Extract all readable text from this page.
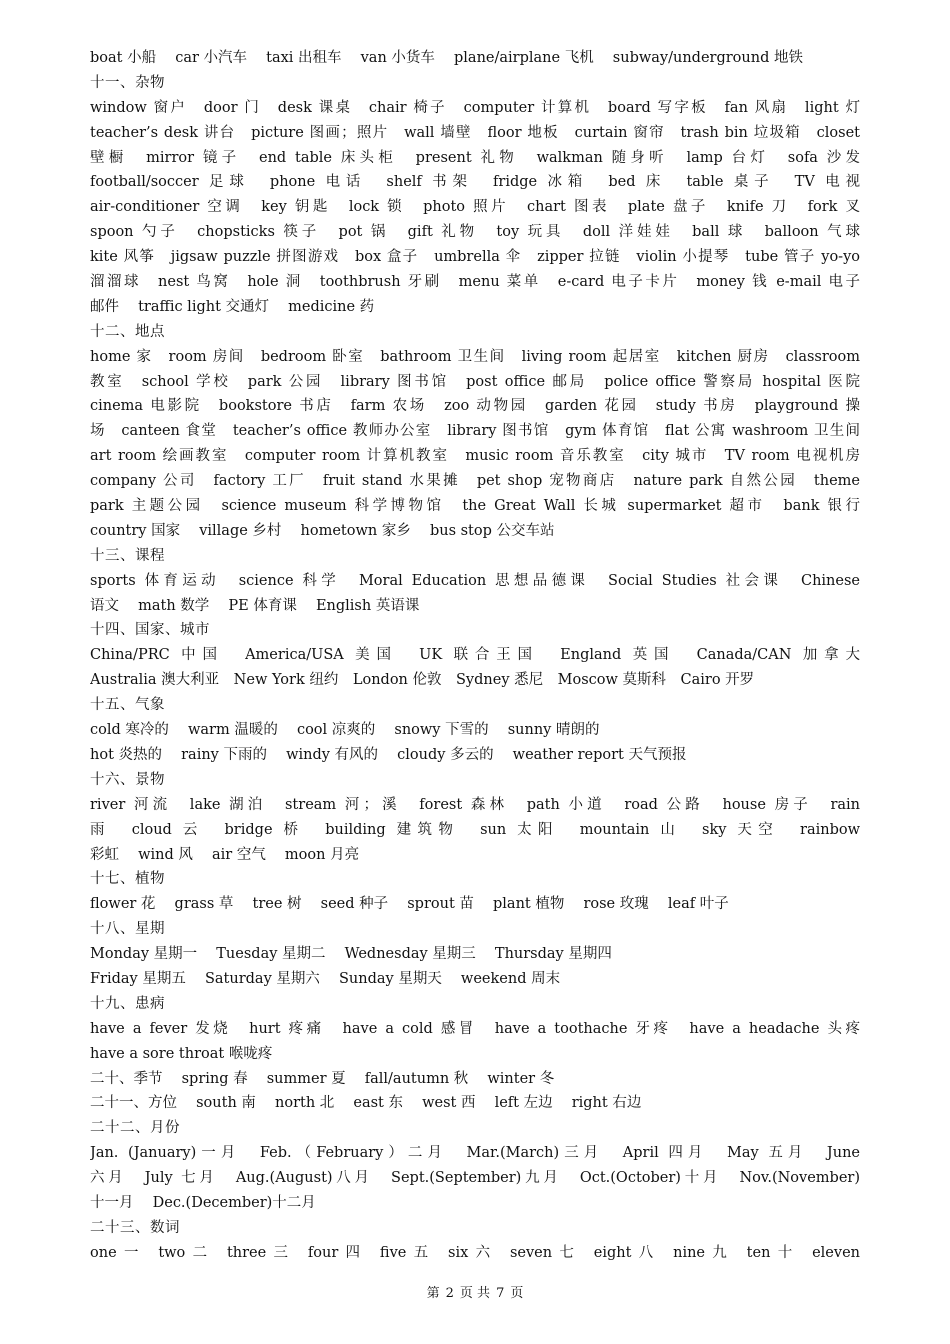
boat 小船　 car 小汽车　 taxi 出租车　 van 小货车　 plane/airplane 飞机　 subway/underground 地铁
十一、杂物
window 窗户　door 门　desk 课桌　chair 椅子　computer 计算机　board 写字板　fan 风扇　light 灯
teacher’s desk 讲台　picture 图画；照片　wall 墙壁　floor 地板　curtain 窗帘　trash bin 垃圾箱　closet
壁橱　mirror 镜子　end table 床头柜　present 礼物　walkman 随身听　lamp 台灯　sofa 沙发
football/soccer 足球　phone 电话　shelf 书架　fridge 冰箱　bed 床　table 桌子　TV 电视
air-conditioner 空调　key 钥匙　lock 锁　photo 照片　chart 图表　plate 盘子　knife 刀　fork 叉
spoon 勺子　chopsticks 筷子　pot 锅　gift 礼物　toy 玩具　doll 洋娃娃　ball 球　balloon 气球
kite 风筝　jigsaw puzzle 拼图游戏　box 盒子　umbrella 伞　zipper 拉链　violin 小提琴　tube 管子 yo-yo
溜溜球　nest 鸟窝　hole 洞　toothbrush 牙刷　menu 菜单　e-card 电子卡片　money 钱 e-mail 电子
邮件　 traffic light 交通灯　 medicine 药
十二、地点
home 家　room 房间　bedroom 卧室　bathroom 卫生间　living room 起居室　kitchen 厨房　classroom
教室　school 学校　park 公园　library 图书馆　post office 邮局　police office 警察局 hospital 医院
cinema 电影院　bookstore 书店　farm 农场　zoo 动物园　garden 花园　study 书房　playground 操
场　canteen 食堂　teacher’s office 教师办公室　library 图书馆　gym 体育馆　flat 公寓 washroom 卫生间
art room 绘画教室　computer room 计算机教室　music room 音乐教室　city 城市　TV room 电视机房
company 公司　factory 工厂　fruit stand 水果摊　pet shop 宠物商店　nature park 自然公园　theme
park 主题公园　science museum 科学博物馆　the Great Wall 长城 supermarket 超市　bank 银行
country 国家　 village 乡村　 hometown 家乡　 bus stop 公交车站
十三、课程
sports 体育运动　science 科学　Moral Education 思想品德课　Social Studies 社会课　Chinese
语文　 math 数学　 PE 体育课　 English 英语课
十四、国家、城市
China/PRC 中国　America/USA 美国　UK 联合王国　England 英国　Canada/CAN 加拿大
Australia 澳大利亚　New York 纽约　London 伦敦　Sydney 悉尼　Moscow 莫斯科　Cairo 开罗
十五、气象
cold 寒冷的　 warm 温暖的　 cool 凉爽的　 snowy 下雪的　 sunny 晴朗的
hot 炎热的　 rainy 下雨的　 windy 有风的　 cloudy 多云的　 weather report 天气预报
十六、景物
river 河流　lake 湖泊　stream 河；溪　forest 森林　path 小道　road 公路　house 房子　rain
雨　cloud 云　bridge 桥　building 建筑物　sun 太阳　mountain 山　sky 天空　rainbow
彩虹　 wind 风　 air 空气　 moon 月亮
十七、植物
flower 花　 grass 草　 tree 树　 seed 种子　 sprout 苗　 plant 植物　 rose 玫瑰　 leaf 叶子
十八、星期
Monday 星期一　 Tuesday 星期二　 Wednesday 星期三　 Thursday 星期四
Friday 星期五　 Saturday 星期六　 Sunday 星期天　 weekend 周末
十九、患病
have a fever 发烧　hurt 疼痛　have a cold 感冒　have a toothache 牙疼　have a headache 头疼
have a sore throat 喉咙疼
二十、季节　 spring 春　 summer 夏　 fall/autumn 秋　 winter 冬
二十一、方位　 south 南　 north 北　 east 东　 west 西　 left 左边　 right 右边
二十二、月份
Jan. (January)一月　Feb.（February）二月　Mar.(March)三月　April 四月　May 五月　June
六月　July 七月　Aug.(August)八月　Sept.(September)九月　Oct.(October)十月　Nov.(November)
十一月　 Dec.(December)十二月
二十三、数词
one 一　two 二　three 三　four 四　five 五　six 六　seven 七　eight 八　nine 九　ten 十　eleven
第 2 页 共 7 页
